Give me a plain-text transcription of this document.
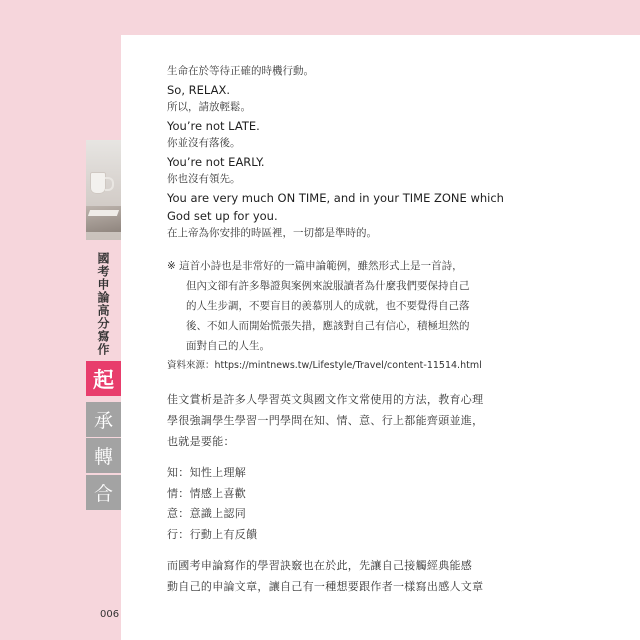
國考申論高分寫作
起
承
轉
合
生命在於等待正確的時機行動。
So, RELAX.
所以，請放輕鬆。
You’re not LATE.
你並沒有落後。
You’re not EARLY.
你也沒有領先。
You are very much ON TIME, and in your TIME ZONE which
God set up for you.
在上帝為你安排的時區裡，一切都是準時的。
※ 這首小詩也是非常好的一篇申論範例，雖然形式上是一首詩，
但內文卻有許多舉證與案例來說服讀者為什麼我們要保持自己
的人生步調，不要盲目的羨慕別人的成就，也不要覺得自己落
後、不如人而開始慌張失措，應該對自己有信心，積極坦然的
面對自己的人生。
資料來源：https://mintnews.tw/Lifestyle/Travel/content-11514.html
佳文賞析是許多人學習英文與國文作文常使用的方法，教育心理
學很強調學生學習一門學問在知、情、意、行上都能齊頭並進，
也就是要能：
知：知性上理解
情：情感上喜歡
意：意識上認同
行：行動上有反饋
而國考申論寫作的學習訣竅也在於此，先讓自己接觸經典能感
動自己的申論文章，讓自己有一種想要跟作者一樣寫出感人文章
006
